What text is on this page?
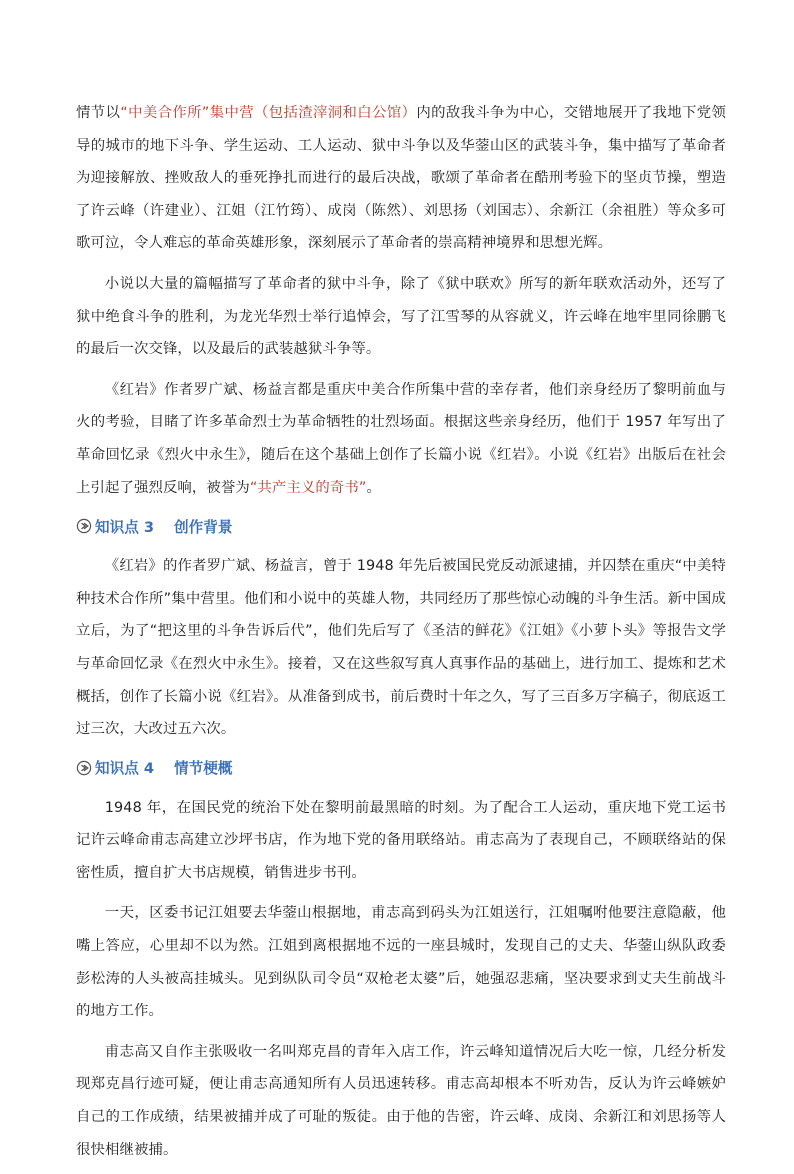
情节以“中美合作所”集中营（包括渣滓洞和白公馆）内的敌我斗争为中心，交错地展开了我地下党领导的城市的地下斗争、学生运动、工人运动、狱中斗争以及华蓥山区的武装斗争，集中描写了革命者为迎接解放、挫败敌人的垂死挣扎而进行的最后决战，歌颂了革命者在酷刑考验下的坚贞节操，塑造了许云峰（许建业）、江姐（江竹筠）、成岗（陈然）、刘思扬（刘国志）、余新江（余祖胜）等众多可歌可泣，令人难忘的革命英雄形象，深刻展示了革命者的崇高精神境界和思想光辉。

小说以大量的篇幅描写了革命者的狱中斗争，除了《狱中联欢》所写的新年联欢活动外，还写了狱中绝食斗争的胜利，为龙光华烈士举行追悼会，写了江雪琴的从容就义，许云峰在地牢里同徐鹏飞的最后一次交锋，以及最后的武装越狱斗争等。

《红岩》作者罗广斌、杨益言都是重庆中美合作所集中营的幸存者，他们亲身经历了黎明前血与火的考验，目睹了许多革命烈士为革命牺牲的壮烈场面。根据这些亲身经历，他们于 1957 年写出了革命回忆录《烈火中永生》，随后在这个基础上创作了长篇小说《红岩》。小说《红岩》出版后在社会上引起了强烈反响，被誉为“共产主义的奇书”。

知识点 3 创作背景

《红岩》的作者罗广斌、杨益言，曾于 1948 年先后被国民党反动派逮捕，并囚禁在重庆“中美特种技术合作所”集中营里。他们和小说中的英雄人物，共同经历了那些惊心动魄的斗争生活。新中国成立后，为了“把这里的斗争告诉后代”，他们先后写了《圣洁的鲜花》《江姐》《小萝卜头》等报告文学与革命回忆录《在烈火中永生》。接着，又在这些叙写真人真事作品的基础上，进行加工、提炼和艺术概括，创作了长篇小说《红岩》。从准备到成书，前后费时十年之久，写了三百多万字稿子，彻底返工过三次，大改过五六次。

知识点 4 情节梗概

1948 年，在国民党的统治下处在黎明前最黑暗的时刻。为了配合工人运动，重庆地下党工运书记许云峰命甫志高建立沙坪书店，作为地下党的备用联络站。甫志高为了表现自己，不顾联络站的保密性质，擅自扩大书店规模，销售进步书刊。

一天，区委书记江姐要去华蓥山根据地，甫志高到码头为江姐送行，江姐嘱咐他要注意隐蔽，他嘴上答应，心里却不以为然。江姐到离根据地不远的一座县城时，发现自己的丈夫、华蓥山纵队政委彭松涛的人头被高挂城头。见到纵队司令员“双枪老太婆”后，她强忍悲痛，坚决要求到丈夫生前战斗的地方工作。

甫志高又自作主张吸收一名叫郑克昌的青年入店工作，许云峰知道情况后大吃一惊，几经分析发现郑克昌行迹可疑，便让甫志高通知所有人员迅速转移。甫志高却根本不听劝告，反认为许云峰嫉妒自己的工作成绩，结果被捕并成了可耻的叛徒。由于他的告密，许云峰、成岗、余新江和刘思扬等人很快相继被捕。
